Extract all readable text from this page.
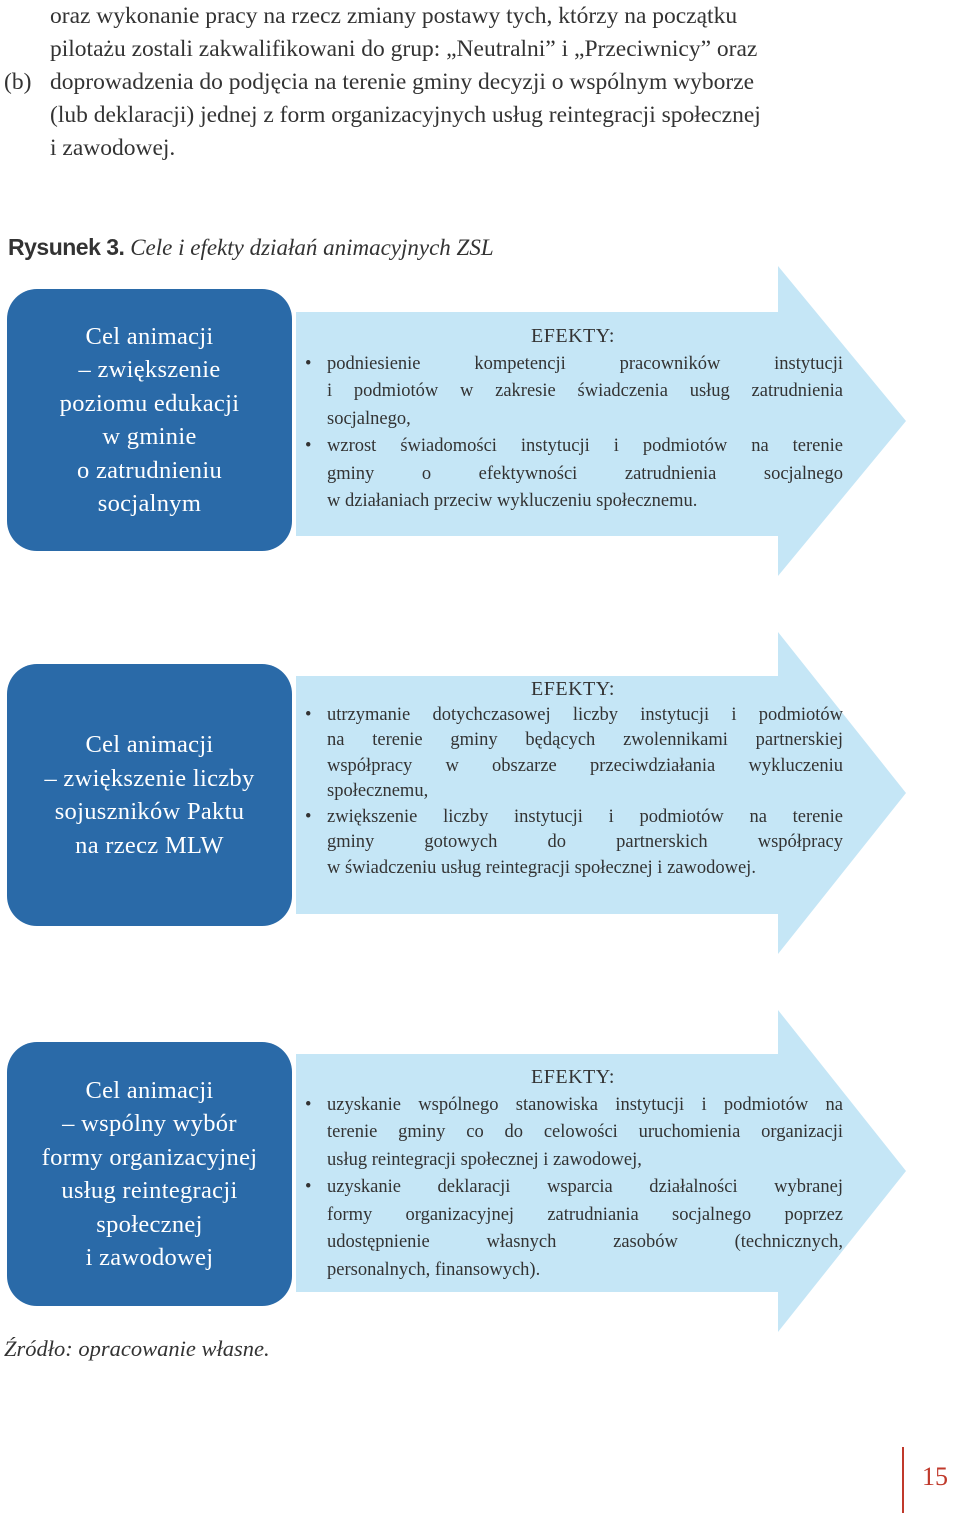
oraz wykonanie pracy na rzecz zmiany postawy tych, którzy na początku
pilotażu zostali zakwalifikowani do grup: „Neutralni” i „Przeciwnicy” oraz
(b) doprowadzenia do podjęcia na terenie gminy decyzji o wspólnym wyborze
(lub deklaracji) jednej z form organizacyjnych usług reintegracji społecznej
i zawodowej.
Rysunek 3. Cele i efekty działań animacyjnych ZSL
Cel animacji
– zwiększenie
poziomu edukacji
w gminie
o zatrudnieniu
socjalnym
EFEKTY:
• podniesienie kompetencji pracowników instytucji
i podmiotów w zakresie świadczenia usług zatrudnienia
socjalnego,
• wzrost świadomości instytucji i podmiotów na terenie
gminy o efektywności zatrudnienia socjalnego
w działaniach przeciw wykluczeniu społecznemu.
Cel animacji
– zwiększenie liczby
sojuszników Paktu
na rzecz MLW
EFEKTY:
• utrzymanie dotychczasowej liczby instytucji i podmiotów
na terenie gminy będących zwolennikami partnerskiej
współpracy w obszarze przeciwdziałania wykluczeniu
społecznemu,
• zwiększenie liczby instytucji i podmiotów na terenie
gminy gotowych do partnerskich współpracy
w świadczeniu usług reintegracji społecznej i zawodowej.
Cel animacji
– wspólny wybór
formy organizacyjnej
usług reintegracji
społecznej
i zawodowej
EFEKTY:
• uzyskanie wspólnego stanowiska instytucji i podmiotów na
terenie gminy co do celowości uruchomienia organizacji
usług reintegracji społecznej i zawodowej,
• uzyskanie deklaracji wsparcia działalności wybranej
formy organizacyjnej zatrudniania socjalnego poprzez
udostępnienie własnych zasobów (technicznych,
personalnych, finansowych).
Źródło: opracowanie własne.
15
